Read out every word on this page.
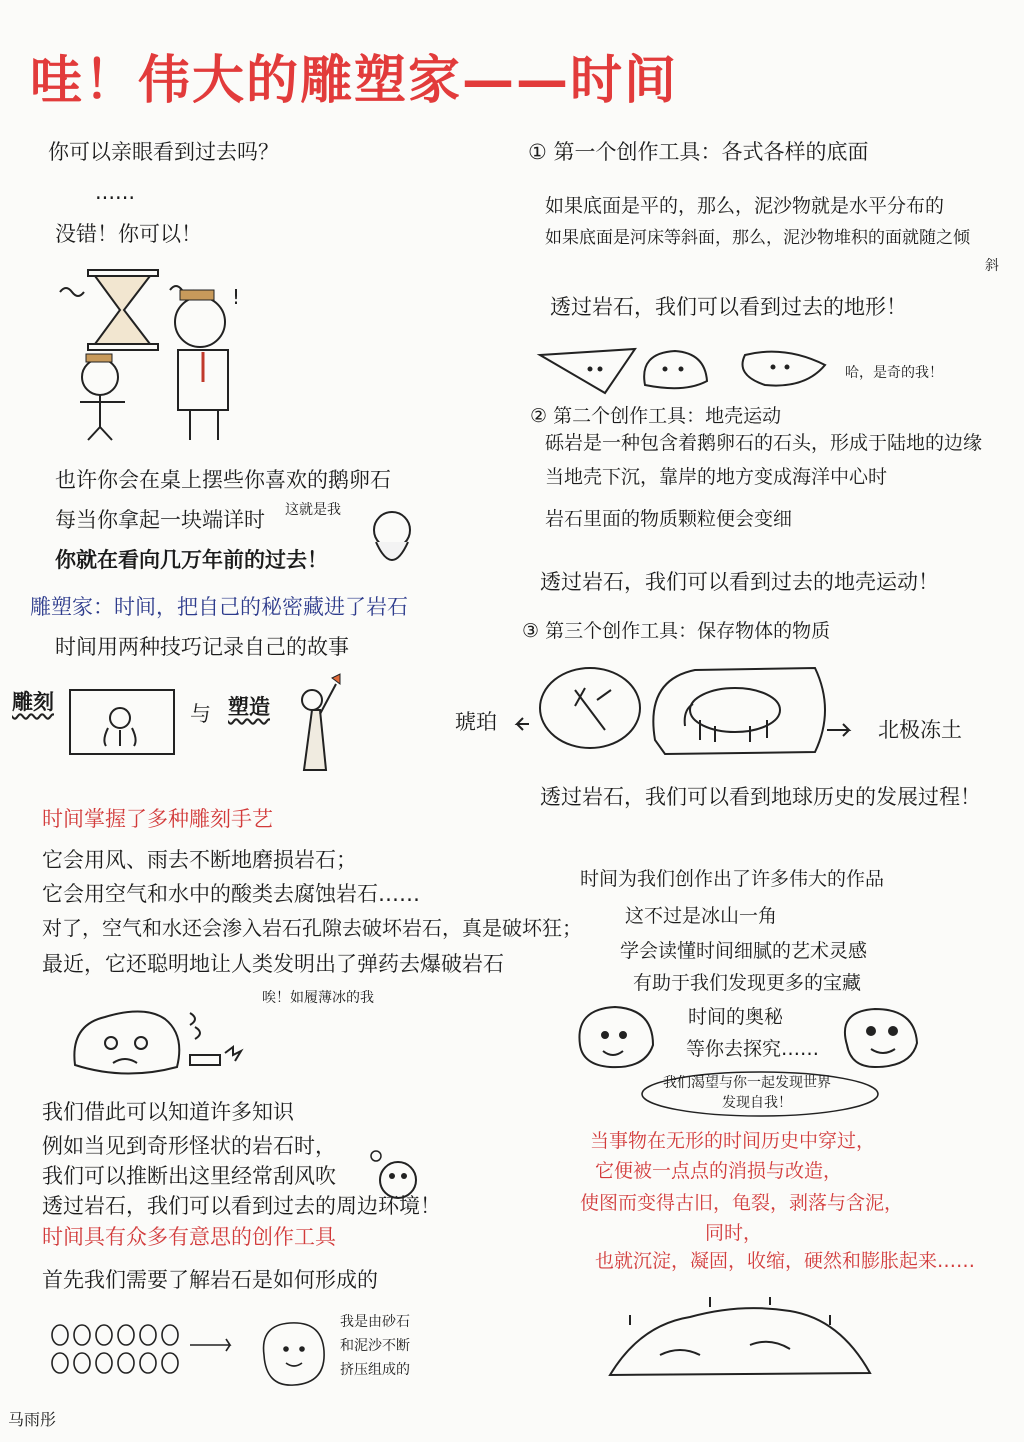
哇！伟大的雕塑家——时间
你可以亲眼看到过去吗？
......
没错！你可以！
!
也许你会在桌上摆些你喜欢的鹅卵石
每当你拿起一块端详时
你就在看向几万年前的过去！
这就是我
雕塑家：时间，把自己的秘密藏进了岩石
时间用两种技巧记录自己的故事
雕刻	与 塑造
时间掌握了多种雕刻手艺
它会用风、雨去不断地磨损岩石；
它会用空气和水中的酸类去腐蚀岩石……
对了，空气和水还会渗入岩石孔隙去破坏岩石，真是破坏狂；
最近，它还聪明地让人类发明出了弹药去爆破岩石
唉！如履薄冰的我
我们借此可以知道许多知识
例如当见到奇形怪状的岩石时，
我们可以推断出这里经常刮风吹
透过岩石，我们可以看到过去的周边环境！
时间具有众多有意思的创作工具
首先我们需要了解岩石是如何形成的
我是由砂石
和泥沙不断
挤压组成的
马雨彤
① 第一个创作工具：各式各样的底面
如果底面是平的，那么，泥沙物就是水平分布的
如果底面是河床等斜面，那么，泥沙物堆积的面就随之倾
斜
透过岩石，我们可以看到过去的地形！
哈，是奇的我！
② 第二个创作工具：地壳运动
砾岩是一种包含着鹅卵石的石头，形成于陆地的边缘
当地壳下沉，靠岸的地方变成海洋中心时
岩石里面的物质颗粒便会变细
透过岩石，我们可以看到过去的地壳运动！
③ 第三个创作工具：保存物体的物质
琥珀	北极冻土
透过岩石，我们可以看到地球历史的发展过程！
时间为我们创作出了许多伟大的作品
这不过是冰山一角
学会读懂时间细腻的艺术灵感
有助于我们发现更多的宝藏
时间的奥秘
等你去探究……
我们渴望与你一起发现世界
发现自我！
当事物在无形的时间历史中穿过，
它便被一点点的消损与改造，
使图而变得古旧，龟裂，剥落与含泥，
同时，
也就沉淀，凝固，收缩，硬然和膨胀起来……
